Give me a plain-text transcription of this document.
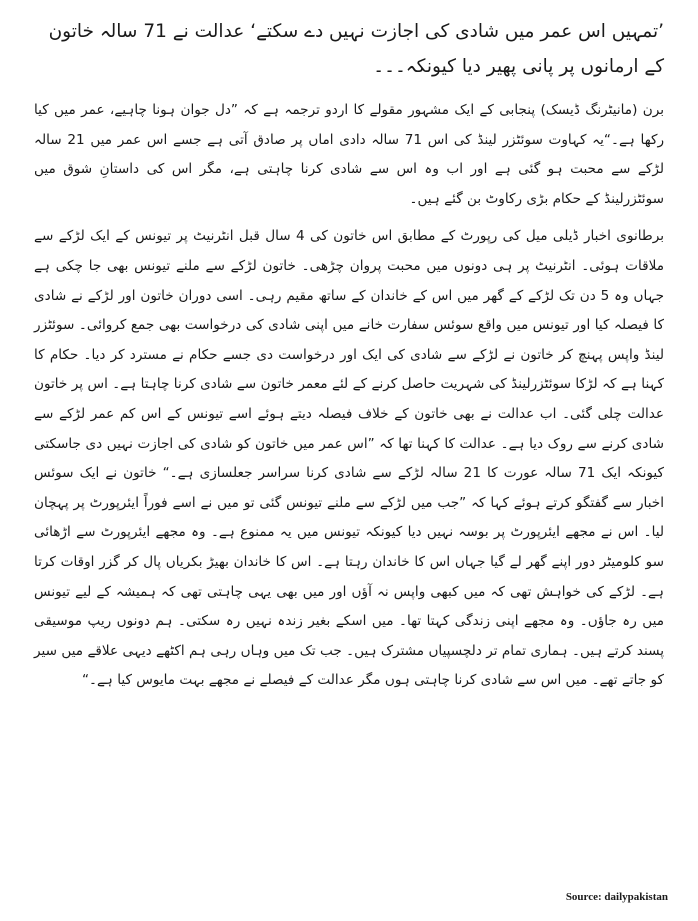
’تمہیں اس عمر میں شادی کی اجازت نہیں دے سکتے‘ عدالت نے 71 سالہ خاتون کے ارمانوں پر پانی پھیر دیا کیونکہ۔۔۔

برن (مانیٹرنگ ڈیسک) پنجابی کے ایک مشہور مقولے کا اردو ترجمہ ہے کہ ”دل جوان ہونا چاہیے، عمر میں کیا رکھا ہے۔“یہ کہاوت سوئٹزر لینڈ کی اس 71 سالہ دادی اماں پر صادق آتی ہے جسے اس عمر میں 21 سالہ لڑکے سے محبت ہو گئی ہے اور اب وہ اس سے شادی کرنا چاہتی ہے، مگر اس کی داستانِ شوق میں سوئٹزرلینڈ کے حکام بڑی رکاوٹ بن گئے ہیں۔

برطانوی اخبار ڈیلی میل کی رپورٹ کے مطابق اس خاتون کی 4 سال قبل انٹرنیٹ پر تیونس کے ایک لڑکے سے ملاقات ہوئی۔ انٹرنیٹ پر ہی دونوں میں محبت پروان چڑھی۔ خاتون لڑکے سے ملنے تیونس بھی جا چکی ہے جہاں وہ 5 دن تک لڑکے کے گھر میں اس کے خاندان کے ساتھ مقیم رہی۔ اسی دوران خاتون اور لڑکے نے شادی کا فیصلہ کیا اور تیونس میں واقع سوئس سفارت خانے میں اپنی شادی کی درخواست بھی جمع کروائی۔ سوئٹزر لینڈ واپس پہنچ کر خاتون نے لڑکے سے شادی کی ایک اور درخواست دی جسے حکام نے مسترد کر دیا۔ حکام کا کہنا ہے کہ لڑکا سوئٹزرلینڈ کی شہریت حاصل کرنے کے لئے معمر خاتون سے شادی کرنا چاہتا ہے۔ اس پر خاتون عدالت چلی گئی۔ اب عدالت نے بھی خاتون کے خلاف فیصلہ دیتے ہوئے اسے تیونس کے اس کم عمر لڑکے سے شادی کرنے سے روک دیا ہے۔ عدالت کا کہنا تھا کہ ”اس عمر میں خاتون کو شادی کی اجازت نہیں دی جاسکتی کیونکہ ایک 71 سالہ عورت کا 21 سالہ لڑکے سے شادی کرنا سراسر جعلسازی ہے۔“ خاتون نے ایک سوئس اخبار سے گفتگو کرتے ہوئے کہا کہ ”جب میں لڑکے سے ملنے تیونس گئی تو میں نے اسے فوراً ایئرپورٹ پر پہچان لیا۔ اس نے مجھے ایئرپورٹ پر بوسہ نہیں دیا کیونکہ تیونس میں یہ ممنوع ہے۔ وہ مجھے ایئرپورٹ سے اڑھائی سو کلومیٹر دور اپنے گھر لے گیا جہاں اس کا خاندان رہتا ہے۔ اس کا خاندان بھیڑ بکریاں پال کر گزر اوقات کرتا ہے۔ لڑکے کی خواہش تھی کہ میں کبھی واپس نہ آؤں اور میں بھی یہی چاہتی تھی کہ ہمیشہ کے لیے تیونس میں رہ جاؤں۔ وہ مجھے اپنی زندگی کہتا تھا۔ میں اسکے بغیر زندہ نہیں رہ سکتی۔ ہم دونوں ریپ موسیقی پسند کرتے ہیں۔ ہماری تمام تر دلچسپیاں مشترک ہیں۔ جب تک میں وہاں رہی ہم اکٹھے دیہی علاقے میں سیر کو جاتے تھے۔ میں اس سے شادی کرنا چاہتی ہوں مگر عدالت کے فیصلے نے مجھے بہت مایوس کیا ہے۔“

Source: dailypakistan
